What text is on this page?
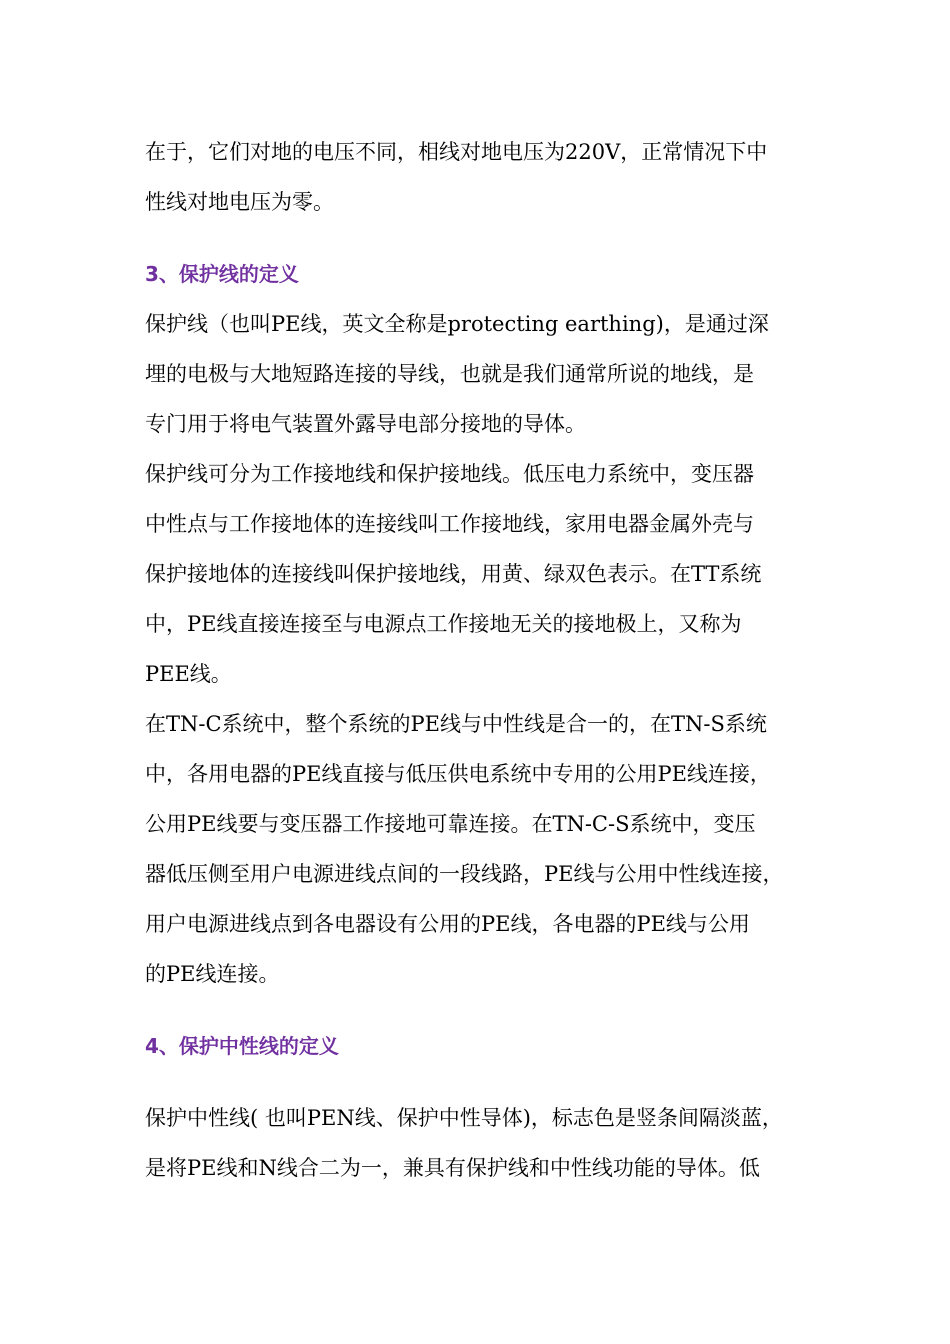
在于，它们对地的电压不同，相线对地电压为220V，正常情况下中
性线对地电压为零。
3、保护线的定义
保护线（也叫PE线，英文全称是protecting earthing)，是通过深
埋的电极与大地短路连接的导线，也就是我们通常所说的地线，是
专门用于将电气装置外露导电部分接地的导体。
保护线可分为工作接地线和保护接地线。低压电力系统中，变压器
中性点与工作接地体的连接线叫工作接地线，家用电器金属外壳与
保护接地体的连接线叫保护接地线，用黄、绿双色表示。在TT系统
中，PE线直接连接至与电源点工作接地无关的接地极上，又称为
PEE线。
在TN-C系统中，整个系统的PE线与中性线是合一的，在TN-S系统
中，各用电器的PE线直接与低压供电系统中专用的公用PE线连接，
公用PE线要与变压器工作接地可靠连接。在TN-C-S系统中，变压
器低压侧至用户电源进线点间的一段线路，PE线与公用中性线连接，
用户电源进线点到各电器设有公用的PE线，各电器的PE线与公用
的PE线连接。
4、保护中性线的定义
保护中性线( 也叫PEN线、保护中性导体)，标志色是竖条间隔淡蓝，
是将PE线和N线合二为一，兼具有保护线和中性线功能的导体。低
